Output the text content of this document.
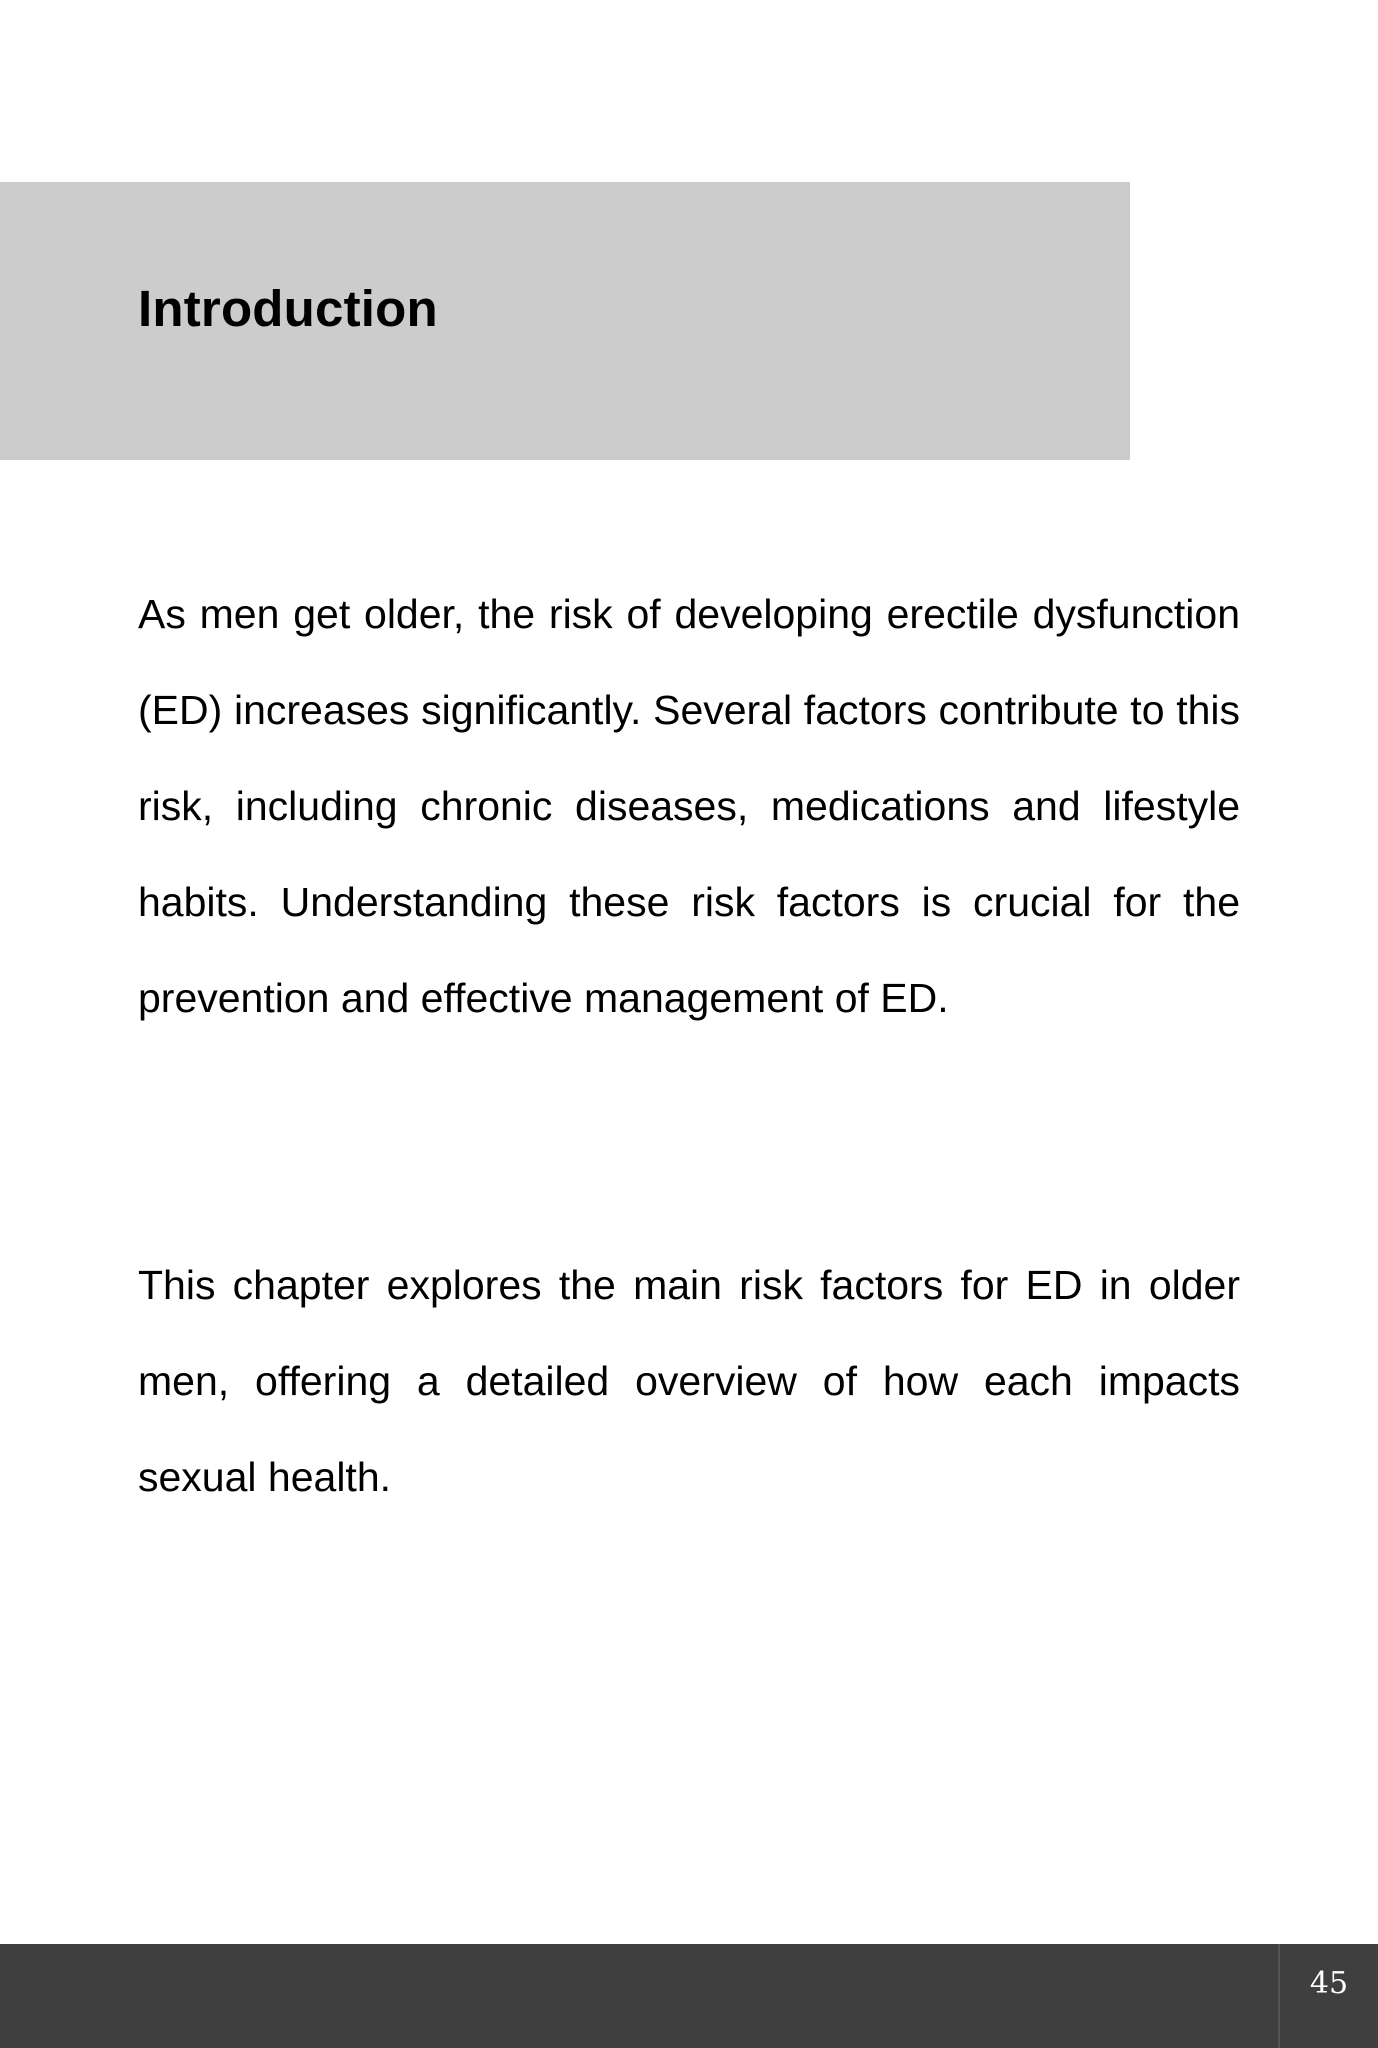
Introduction

As men get older, the risk of developing erectile dysfunction (ED) increases significantly. Several factors contribute to this risk, including chronic diseases, medications and lifestyle habits. Understanding these risk factors is crucial for the prevention and effective management of ED.

This chapter explores the main risk factors for ED in older men, offering a detailed overview of how each impacts sexual health.

45
